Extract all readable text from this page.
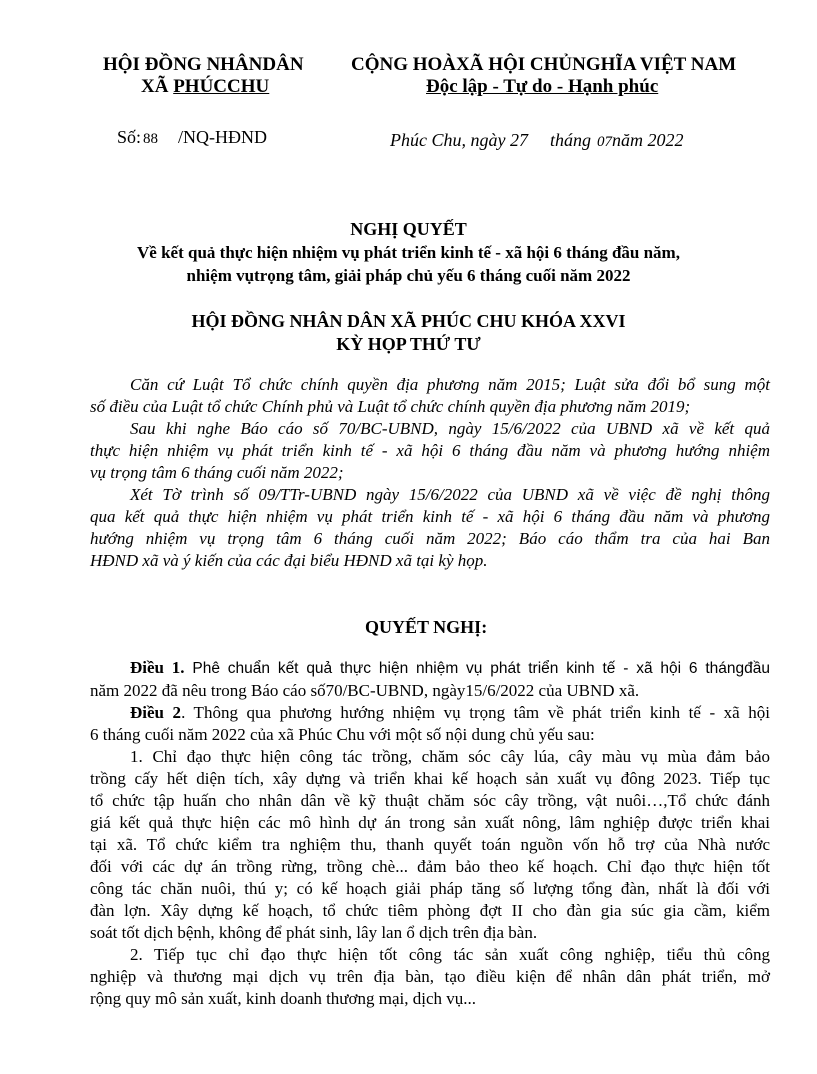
HỘI ĐỒNG NHÂNDÂN
XÃ PHÚCCHU
CỘNG HOÀXÃ HỘI CHỦNGHĨA VIỆT NAM
Độc lập - Tự do - Hạnh phúc
Số: 88 /NQ-HĐND	Phúc Chu, ngày 27 tháng 07năm 2022
NGHỊ QUYẾT
Về kết quả thực hiện nhiệm vụ phát triển kinh tế - xã hội 6 tháng đầu năm,
nhiệm vụtrọng tâm, giải pháp chủ yếu 6 tháng cuối năm 2022
HỘI ĐỒNG NHÂN DÂN XÃ PHÚC CHU KHÓA XXVI
KỲ HỌP THỨ TƯ
Căn cứ Luật Tổ chức chính quyền địa phương năm 2015; Luật sửa đổi bổ sung một
số điều của Luật tổ chức Chính phủ và Luật tổ chức chính quyền địa phương năm 2019;
Sau khi nghe Báo cáo số 70/BC-UBND, ngày 15/6/2022 của UBND xã về kết quả
thực hiện nhiệm vụ phát triển kinh tế - xã hội 6 tháng đầu năm và phương hướng nhiệm
vụ trọng tâm 6 tháng cuối năm 2022;
Xét Tờ trình số 09/TTr-UBND ngày 15/6/2022 của UBND xã về việc đề nghị thông
qua kết quả thực hiện nhiệm vụ phát triển kinh tế - xã hội 6 tháng đầu năm và phương
hướng nhiệm vụ trọng tâm 6 tháng cuối năm 2022; Báo cáo thẩm tra của hai Ban
HĐND xã và ý kiến của các đại biểu HĐND xã tại kỳ họp.
QUYẾT NGHỊ:
Điều 1. Phê chuẩn kết quả thực hiện nhiệm vụ phát triển kinh tế - xã hội 6 thángđầu
năm 2022 đã nêu trong Báo cáo số70/BC-UBND, ngày15/6/2022 của UBND xã.
Điều 2. Thông qua phương hướng nhiệm vụ trọng tâm về phát triển kinh tế - xã hội
6 tháng cuối năm 2022 của xã Phúc Chu với một số nội dung chủ yếu sau:
1. Chỉ đạo thực hiện công tác trồng, chăm sóc cây lúa, cây màu vụ mùa đảm bảo
trồng cấy hết diện tích, xây dựng và triển khai kế hoạch sản xuất vụ đông 2023. Tiếp tục
tổ chức tập huấn cho nhân dân về kỹ thuật chăm sóc cây trồng, vật nuôi…,Tổ chức đánh
giá kết quả thực hiện các mô hình dự án trong sản xuất nông, lâm nghiệp được triển khai
tại xã. Tổ chức kiểm tra nghiệm thu, thanh quyết toán nguồn vốn hỗ trợ của Nhà nước
đối với các dự án trồng rừng, trồng chè... đảm bảo theo kế hoạch. Chỉ đạo thực hiện tốt
công tác chăn nuôi, thú y; có kế hoạch giải pháp tăng số lượng tổng đàn, nhất là đối với
đàn lợn. Xây dựng kế hoạch, tổ chức tiêm phòng đợt II cho đàn gia súc gia cầm, kiểm
soát tốt dịch bệnh, không để phát sinh, lây lan ổ dịch trên địa bàn.
2. Tiếp tục chỉ đạo thực hiện tốt công tác sản xuất công nghiệp, tiểu thủ công
nghiệp và thương mại dịch vụ trên địa bàn, tạo điều kiện để nhân dân phát triển, mở
rộng quy mô sản xuất, kinh doanh thương mại, dịch vụ...
